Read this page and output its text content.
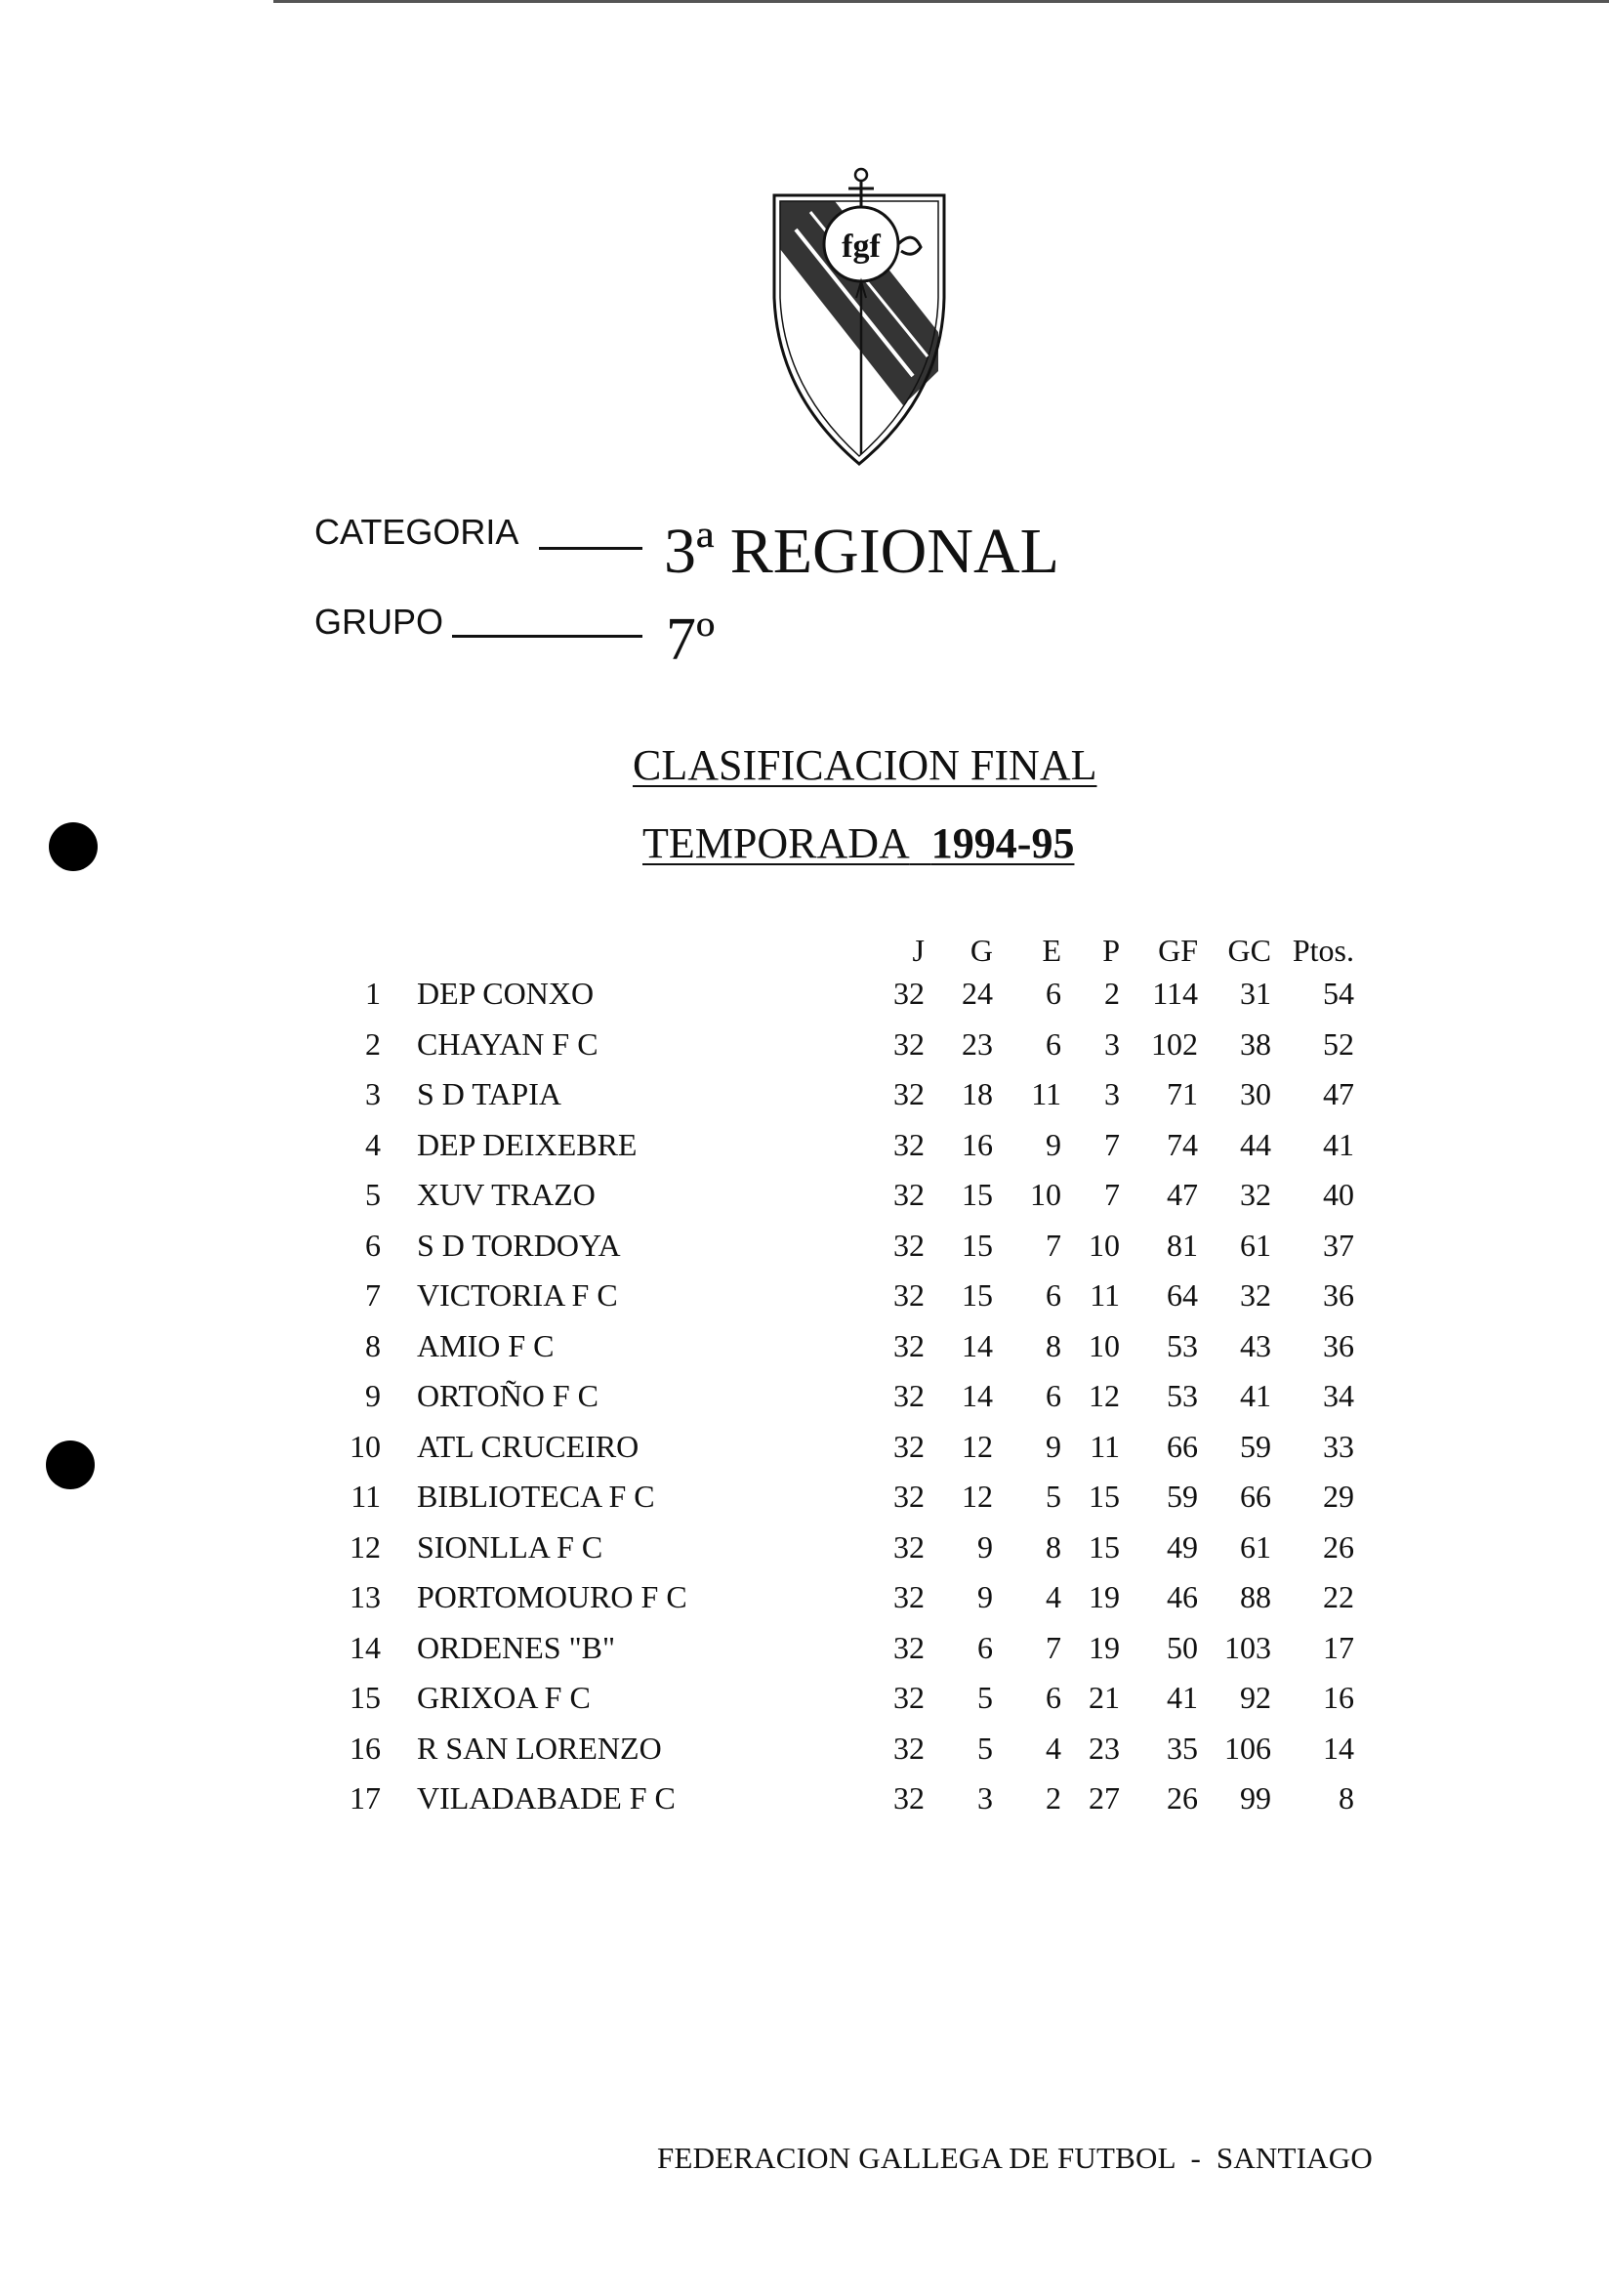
fgf
CATEGORIA 3ª REGIONAL
GRUPO	7º
CLASIFICACION FINAL
TEMPORADA 1994-95
		J	G	E	P	GF	GC	Ptos.
1	DEP CONXO	32	24	6	2	114	31	54
2	CHAYAN F C	32	23	6	3	102	38	52
3	S D TAPIA	32	18	11	3	71	30	47
4	DEP DEIXEBRE	32	16	9	7	74	44	41
5	XUV TRAZO	32	15	10	7	47	32	40
6	S D TORDOYA	32	15	7	10	81	61	37
7	VICTORIA F C	32	15	6	11	64	32	36
8	AMIO F C	32	14	8	10	53	43	36
9	ORTOÑO F C	32	14	6	12	53	41	34
10	ATL CRUCEIRO	32	12	9	11	66	59	33
11	BIBLIOTECA F C	32	12	5	15	59	66	29
12	SIONLLA F C	32	9	8	15	49	61	26
13	PORTOMOURO F C	32	9	4	19	46	88	22
14	ORDENES "B"	32	6	7	19	50	103	17
15	GRIXOA F C	32	5	6	21	41	92	16
16	R SAN LORENZO	32	5	4	23	35	106	14
17	VILADABADE F C	32	3	2	27	26	99	8
FEDERACION GALLEGA DE FUTBOL  -  SANTIAGO
